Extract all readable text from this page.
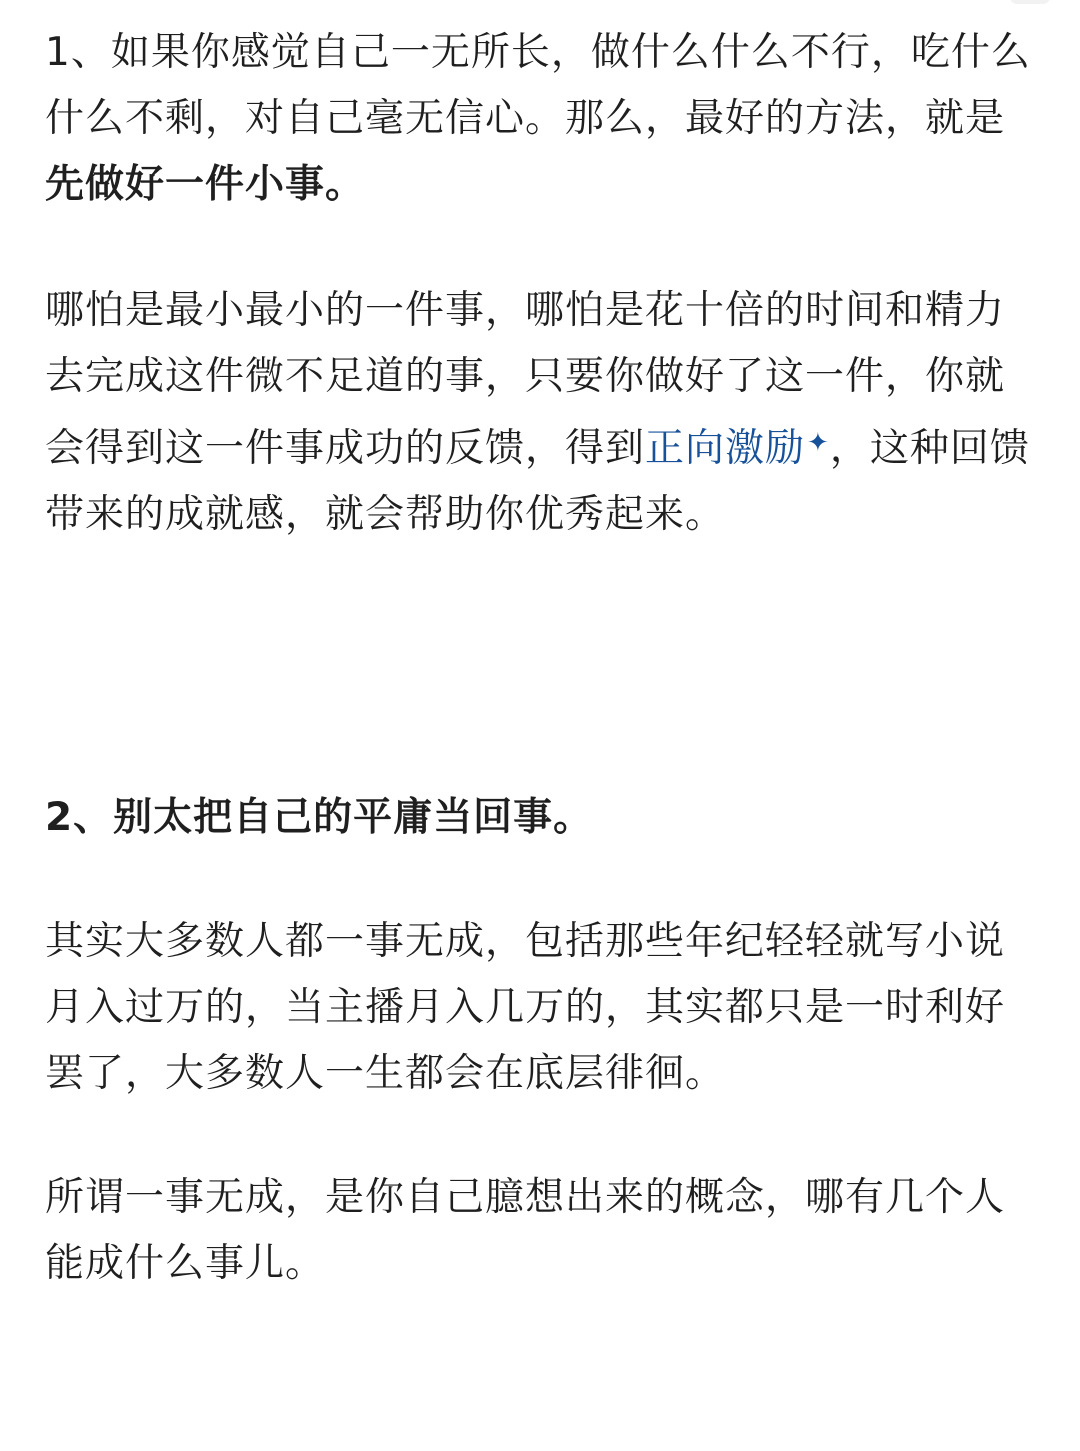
1、如果你感觉自己一无所长，做什么什么不行，吃什么什么不剩，对自己毫无信心。那么，最好的方法，就是先做好一件小事。

哪怕是最小最小的一件事，哪怕是花十倍的时间和精力去完成这件微不足道的事，只要你做好了这一件，你就会得到这一件事成功的反馈，得到正向激励✦，这种回馈带来的成就感，就会帮助你优秀起来。

2、别太把自己的平庸当回事。

其实大多数人都一事无成，包括那些年纪轻轻就写小说月入过万的，当主播月入几万的，其实都只是一时利好罢了，大多数人一生都会在底层徘徊。

所谓一事无成，是你自己臆想出来的概念，哪有几个人能成什么事儿。
